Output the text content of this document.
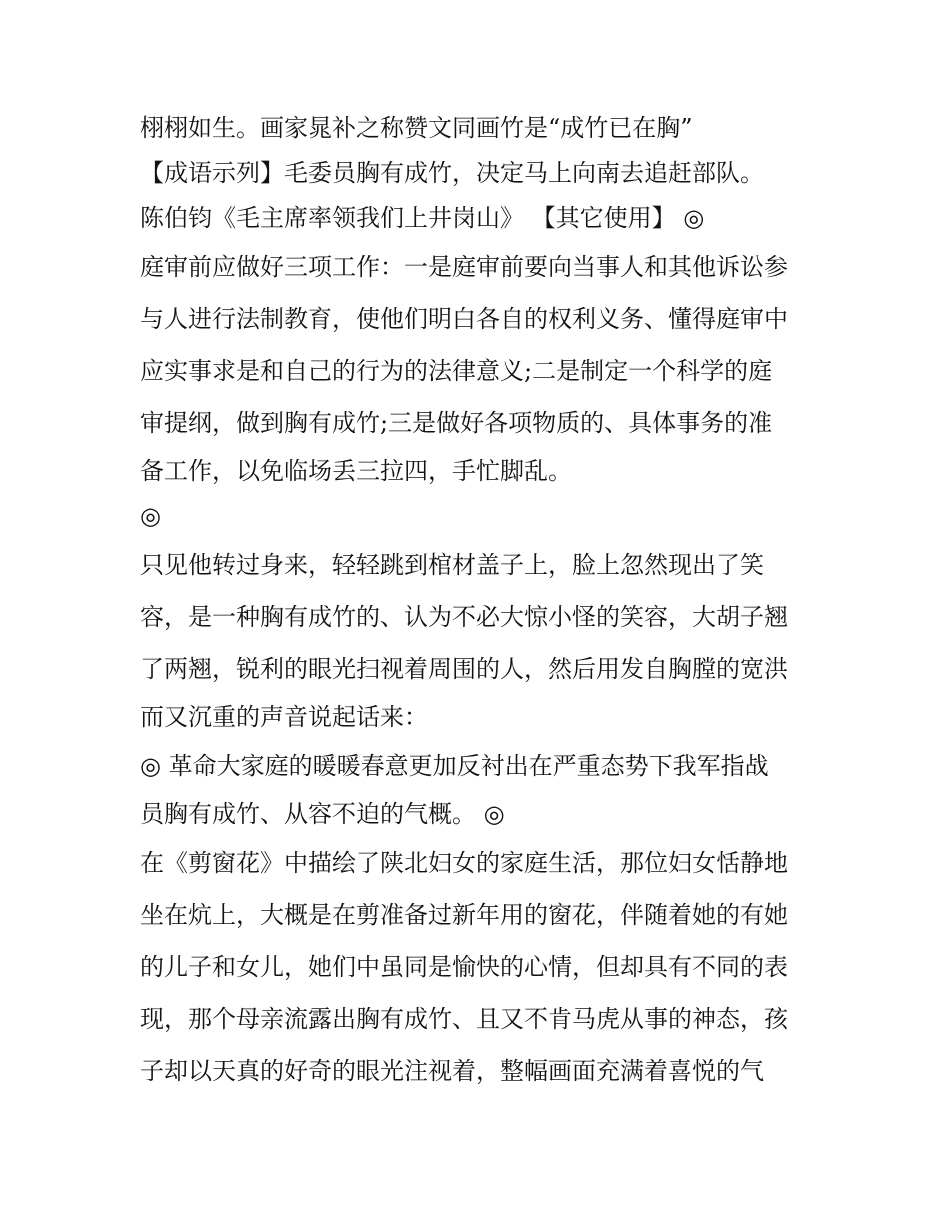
栩栩如生。画家晁补之称赞文同画竹是“成竹已在胸”
【成语示列】毛委员胸有成竹，决定马上向南去追赶部队。
陈伯钧《毛主席率领我们上井岗山》 【其它使用】 ◎
庭审前应做好三项工作：一是庭审前要向当事人和其他诉讼参
与人进行法制教育，使他们明白各自的权利义务、懂得庭审中
应实事求是和自己的行为的法律意义;二是制定一个科学的庭
审提纲，做到胸有成竹;三是做好各项物质的、具体事务的准
备工作，以免临场丢三拉四，手忙脚乱。
◎
只见他转过身来，轻轻跳到棺材盖子上，脸上忽然现出了笑
容，是一种胸有成竹的、认为不必大惊小怪的笑容，大胡子翘
了两翘，锐利的眼光扫视着周围的人，然后用发自胸膛的宽洪
而又沉重的声音说起话来：
◎ 革命大家庭的暖暖春意更加反衬出在严重态势下我军指战
员胸有成竹、从容不迫的气概。 ◎
在《剪窗花》中描绘了陕北妇女的家庭生活，那位妇女恬静地
坐在炕上，大概是在剪准备过新年用的窗花，伴随着她的有她
的儿子和女儿，她们中虽同是愉快的心情，但却具有不同的表
现，那个母亲流露出胸有成竹、且又不肯马虎从事的神态，孩
子却以天真的好奇的眼光注视着，整幅画面充满着喜悦的气
